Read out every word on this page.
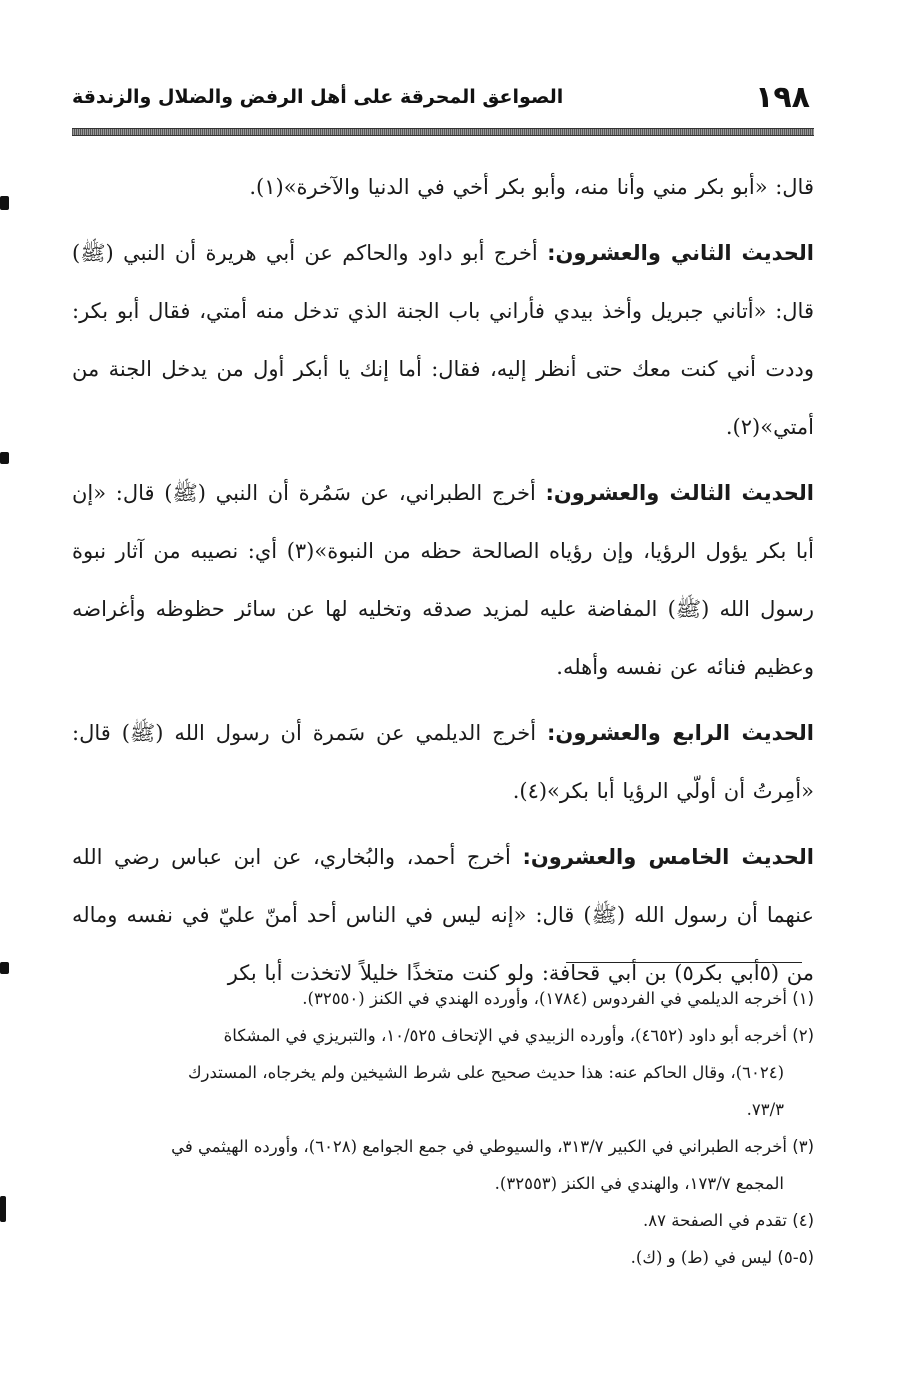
١٩٨
الصواعق المحرقة على أهل الرفض والضلال والزندقة

قال: «أبو بكر مني وأنا منه، وأبو بكر أخي في الدنيا والآخرة»(١).

الحديث الثاني والعشرون: أخرج أبو داود والحاكم عن أبي هريرة أن النبي (ﷺ) قال: «أتاني جبريل وأخذ بيدي فأراني باب الجنة الذي تدخل منه أمتي، فقال أبو بكر: وددت أني كنت معك حتى أنظر إليه، فقال: أما إنك يا أبكر أول من يدخل الجنة من أمتي»(٢).

الحديث الثالث والعشرون: أخرج الطبراني، عن سَمُرة أن النبي (ﷺ) قال: «إن أبا بكر يؤول الرؤيا، وإن رؤياه الصالحة حظه من النبوة»(٣) أي: نصيبه من آثار نبوة رسول الله (ﷺ) المفاضة عليه لمزيد صدقه وتخليه لها عن سائر حظوظه وأغراضه وعظيم فنائه عن نفسه وأهله.

الحديث الرابع والعشرون: أخرج الديلمي عن سَمرة أن رسول الله (ﷺ) قال: «أمِرتُ أن أولّي الرؤيا أبا بكر»(٤).

الحديث الخامس والعشرون: أخرج أحمد، والبُخاري، عن ابن عباس رضي الله عنهما أن رسول الله (ﷺ) قال: «إنه ليس في الناس أحد أمنّ عليّ في نفسه وماله من (٥أبي بكر٥) بن أبي قحافة: ولو كنت متخذًا خليلاً لاتخذت أبا بكر

(١) أخرجه الديلمي في الفردوس (١٧٨٤)، وأورده الهندي في الكنز (٣٢٥٥٠).

(٢) أخرجه أبو داود (٤٦٥٢)، وأورده الزبيدي في الإتحاف ١٠/٥٢٥، والتبريزي في المشكاة
(٦٠٢٤)، وقال الحاكم عنه: هذا حديث صحيح على شرط الشيخين ولم يخرجاه، المستدرك
٧٣/٣.

(٣) أخرجه الطبراني في الكبير ٣١٣/٧، والسيوطي في جمع الجوامع (٦٠٢٨)، وأورده الهيثمي في
المجمع ١٧٣/٧، والهندي في الكنز (٣٢٥٥٣).

(٤) تقدم في الصفحة ٨٧.

(٥-٥) ليس في (ط) و (ك).
